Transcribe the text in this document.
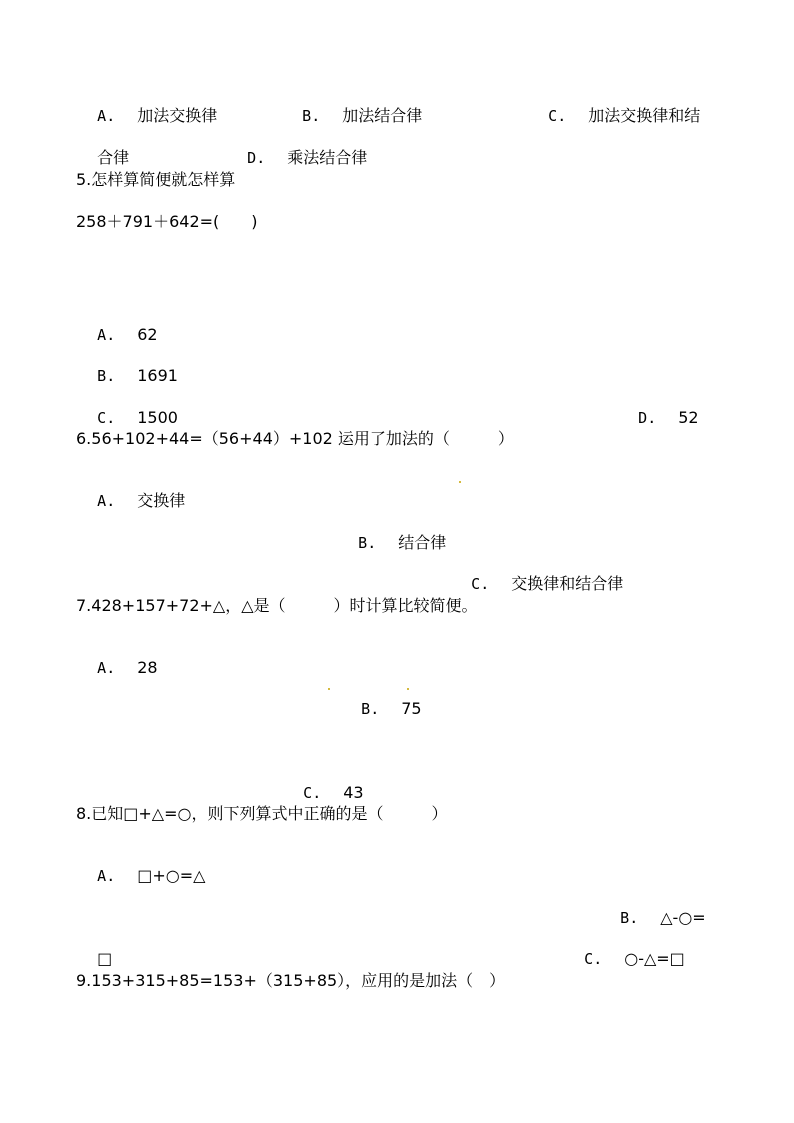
A. 加法交换律	B. 加法结合律	C. 加法交换律和结

合律	D. 乘法结合律

5.怎样算简便就怎样算
258＋791＋642=(　　)

A. 62

B. 1691

C. 1500	D. 52

6.56+102+44=（56+44）+102 运用了加法的（　　　）

A. 交换律

B. 结合律

C. 交换律和结合律

7.428+157+72+△，△是（　　　）时计算比较简便。

A. 28

B. 75

C. 43

8.已知□+△=○，则下列算式中正确的是（　　　）

A. □+○=△

B. △-○=

□	C. ○-△=□

9.153+315+85=153+（315+85），应用的是加法（　）
